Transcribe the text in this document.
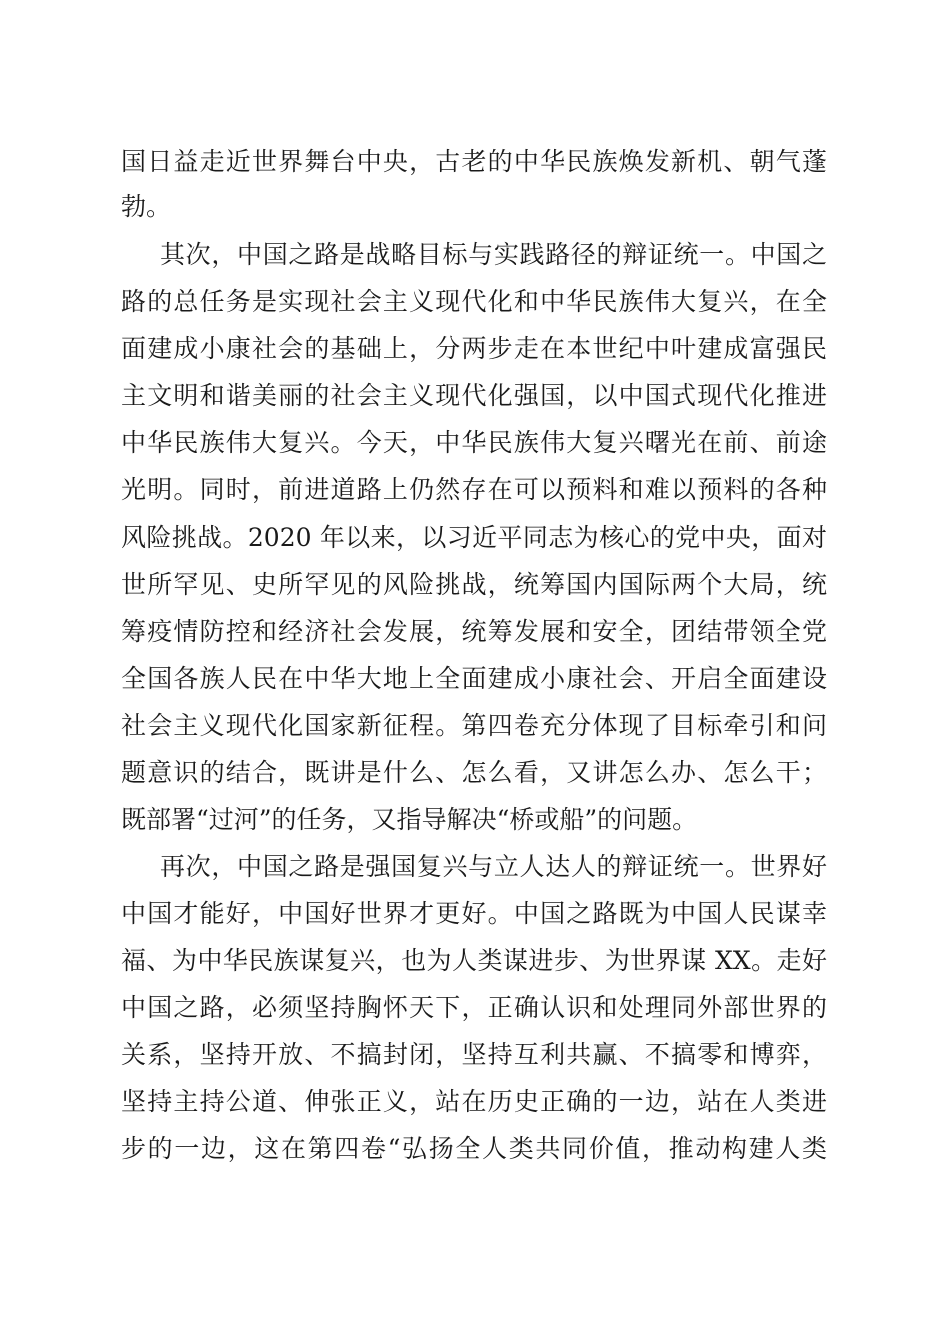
国日益走近世界舞台中央，古老的中华民族焕发新机、朝气蓬
勃。
其次，中国之路是战略目标与实践路径的辩证统一。中国之
路的总任务是实现社会主义现代化和中华民族伟大复兴，在全
面建成小康社会的基础上，分两步走在本世纪中叶建成富强民
主文明和谐美丽的社会主义现代化强国，以中国式现代化推进
中华民族伟大复兴。今天，中华民族伟大复兴曙光在前、前途
光明。同时，前进道路上仍然存在可以预料和难以预料的各种
风险挑战。2020 年以来，以习近平同志为核心的党中央，面对
世所罕见、史所罕见的风险挑战，统筹国内国际两个大局，统
筹疫情防控和经济社会发展，统筹发展和安全，团结带领全党
全国各族人民在中华大地上全面建成小康社会、开启全面建设
社会主义现代化国家新征程。第四卷充分体现了目标牵引和问
题意识的结合，既讲是什么、怎么看，又讲怎么办、怎么干；
既部署“过河”的任务，又指导解决“桥或船”的问题。
再次，中国之路是强国复兴与立人达人的辩证统一。世界好
中国才能好，中国好世界才更好。中国之路既为中国人民谋幸
福、为中华民族谋复兴，也为人类谋进步、为世界谋 XX。走好
中国之路，必须坚持胸怀天下，正确认识和处理同外部世界的
关系，坚持开放、不搞封闭，坚持互利共赢、不搞零和博弈，
坚持主持公道、伸张正义，站在历史正确的一边，站在人类进
步的一边，这在第四卷“弘扬全人类共同价值，推动构建人类
